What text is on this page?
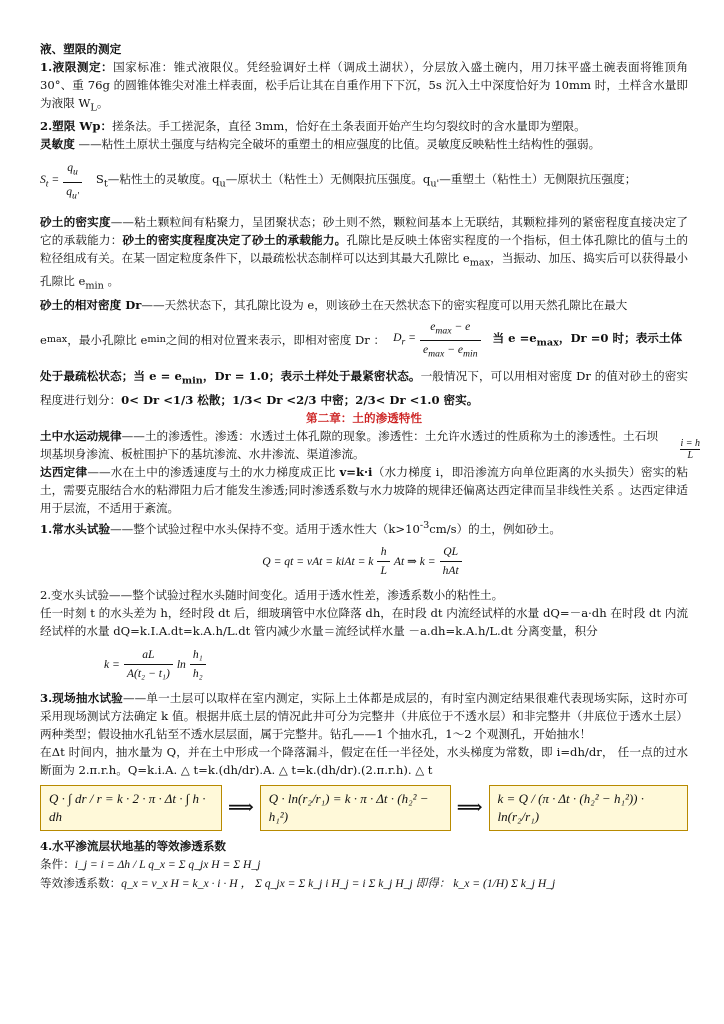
液、塑限的测定

1.液限测定：国家标准：锥式液限仪。凭经验调好土样（调成土湖状），分层放入盛土碗内，用刀抹平盛土碗表面将锥顶角 30°、重 76g 的圆锥体锥尖对准土样表面，松手后让其在自重作用下下沉，5s 沉入土中深度恰好为 10mm 时，土样含水量即为液限 $W_L$。

2.塑限 Wp：搓条法。手工搓泥条，直径 3mm，恰好在土条表面开始产生均匀裂纹时的含水量即为塑限。

灵敏度 ——粘性土原状土强度与结构完全破坏的重塑土的相应强度的比值。灵敏度反映粘性土结构性的强弱。

$S_t = \frac{q_u}{q_{u'}}$ $S_t—$粘性土的灵敏度。$q_u—$原状土（粘性土）无侧限抗压强度。$q_{u'}—$重塑土（粘性土）无侧限抗压强度；

砂土的密实度——粘土颗粒间有粘聚力，呈团聚状态；砂土则不然，颗粒间基本上无联结，其颗粒排列的紧密程度直接决定了它的承载能力：砂土的密实度程度决定了砂土的承载能力。孔隙比是反映土体密实程度的一个指标，但土体孔隙比的值与土的粒径组成有关。在某一固定粒度条件下，以最疏松状态制样可以达到其最大孔隙比 $e_{max}$，当振动、加压、捣实后可以获得最小孔隙比 $e_{min}$ 。

砂土的相对密度 Dr——天然状态下，其孔隙比设为 e，则该砂土在天然状态下的密实程度可以用天然孔隙比在最大

e max ，最小孔隙比 e min 之间的相对位置来表示，即相对密度 Dr ： $D_r = \frac{e_{max} - e}{e_{max} - e_{min}}$ 当 $e =e_{max}$，Dr =0 时；表示土体

处于最疏松状态；当 $e = e_{min}$，Dr = 1.0；表示土样处于最紧密状态。一般情况下，可以用相对密度 Dr 的值对砂土的密实程度进行划分：0< Dr <1/3 松散；1/3< Dr <2/3 中密；2/3< Dr <1.0 密实。

第二章：土的渗透特性

土中水运动规律——土的渗透性。渗透：水透过土体孔隙的现象。渗透性：土允许水透过的性质称为土的渗透性。土石坝坝基坝身渗流、板桩围护下的基坑渗流、水井渗流、渠道渗流。

达西定律——水在土中的渗透速度与土的水力梯度成正比 v=k·i（水力梯度 i，即沿渗流方向单位距离的水头损失）密实的粘土，需要克服结合水的粘滞阻力后才能发生渗透;同时渗透系数与水力坡降的规律还偏离达西定律而呈非线性关系 。达西定律适用于层流，不适用于紊流。

1.常水头试验——整个试验过程中水头保持不变。适用于透水性大$(k>10^{-3}cm/s)$的土，例如砂土。

Q = qt = vAt = kiAt = k $\frac{h}{L}$ At ⇒ $k = \frac{QL}{\text{hAt}}$

2.变水头试验——整个试验过程水头随时间变化。适用于透水性差，渗透系数小的粘性土。

任一时刻 t 的水头差为 h，经时段 dt 后，细玻璃管中水位降落 dh，在时段 dt 内流经试样的水量 dQ=－a·dh 在时段 dt 内流经试样的水量 dQ=k.I.A.dt=k.A.h/L.dt 管内减少水量＝流经试样水量 －a.dh=k.A.h/L.dt 分离变量，积分

$k = \frac{aL}{\text{A(t₂ − t₁)}}$ $\ln \frac{\text{h₁}}{\text{h₂}}$

3.现场抽水试验——单一土层可以取样在室内测定，实际上土体都是成层的，有时室内测定结果很难代表现场实际，这时亦可采用现场测试方法确定 k 值。根据井底土层的情况此井可分为完整井（井底位于不透水层）和非完整井（井底位于透水土层）两种类型；假设抽水孔钻至不透水层层面，属于完整井。钻孔——1 个抽水孔，1～2 个观测孔，开始抽水！

在Δt 时间内，抽水量为 Q，并在土中形成一个降落漏斗，假定在任一半径处，水头梯度为常数，即 i=dh/dr， 任一点的过水断面为 2.π.r.h。Q=k.i.A. △ t=k.(dh/dr).A. △ t=k.(dh/dr).(2.π.r.h). △ t

Q · ∫ dr / r = k · 2 · π · Δt · ∫ h · dh	⟹	Q · ln(r₂/r₁) = k · π · Δt · (h₂² − h₁²)	⟹	k = Q / (π · Δt · (h₂² − h₁²)) · ln(r₂/r₁)

4.水平渗流层状地基的等效渗透系数

条件：i_j = i = Δh / L q_x = Σ q_jx H = Σ H_j

等效渗透系数：q_x = v_x H = k_x · i · H ， Σ q_jx = Σ k_j i H_j = i Σ k_j H_j 即得： k_x = (1/H) Σ k_j H_j

i = h
L
